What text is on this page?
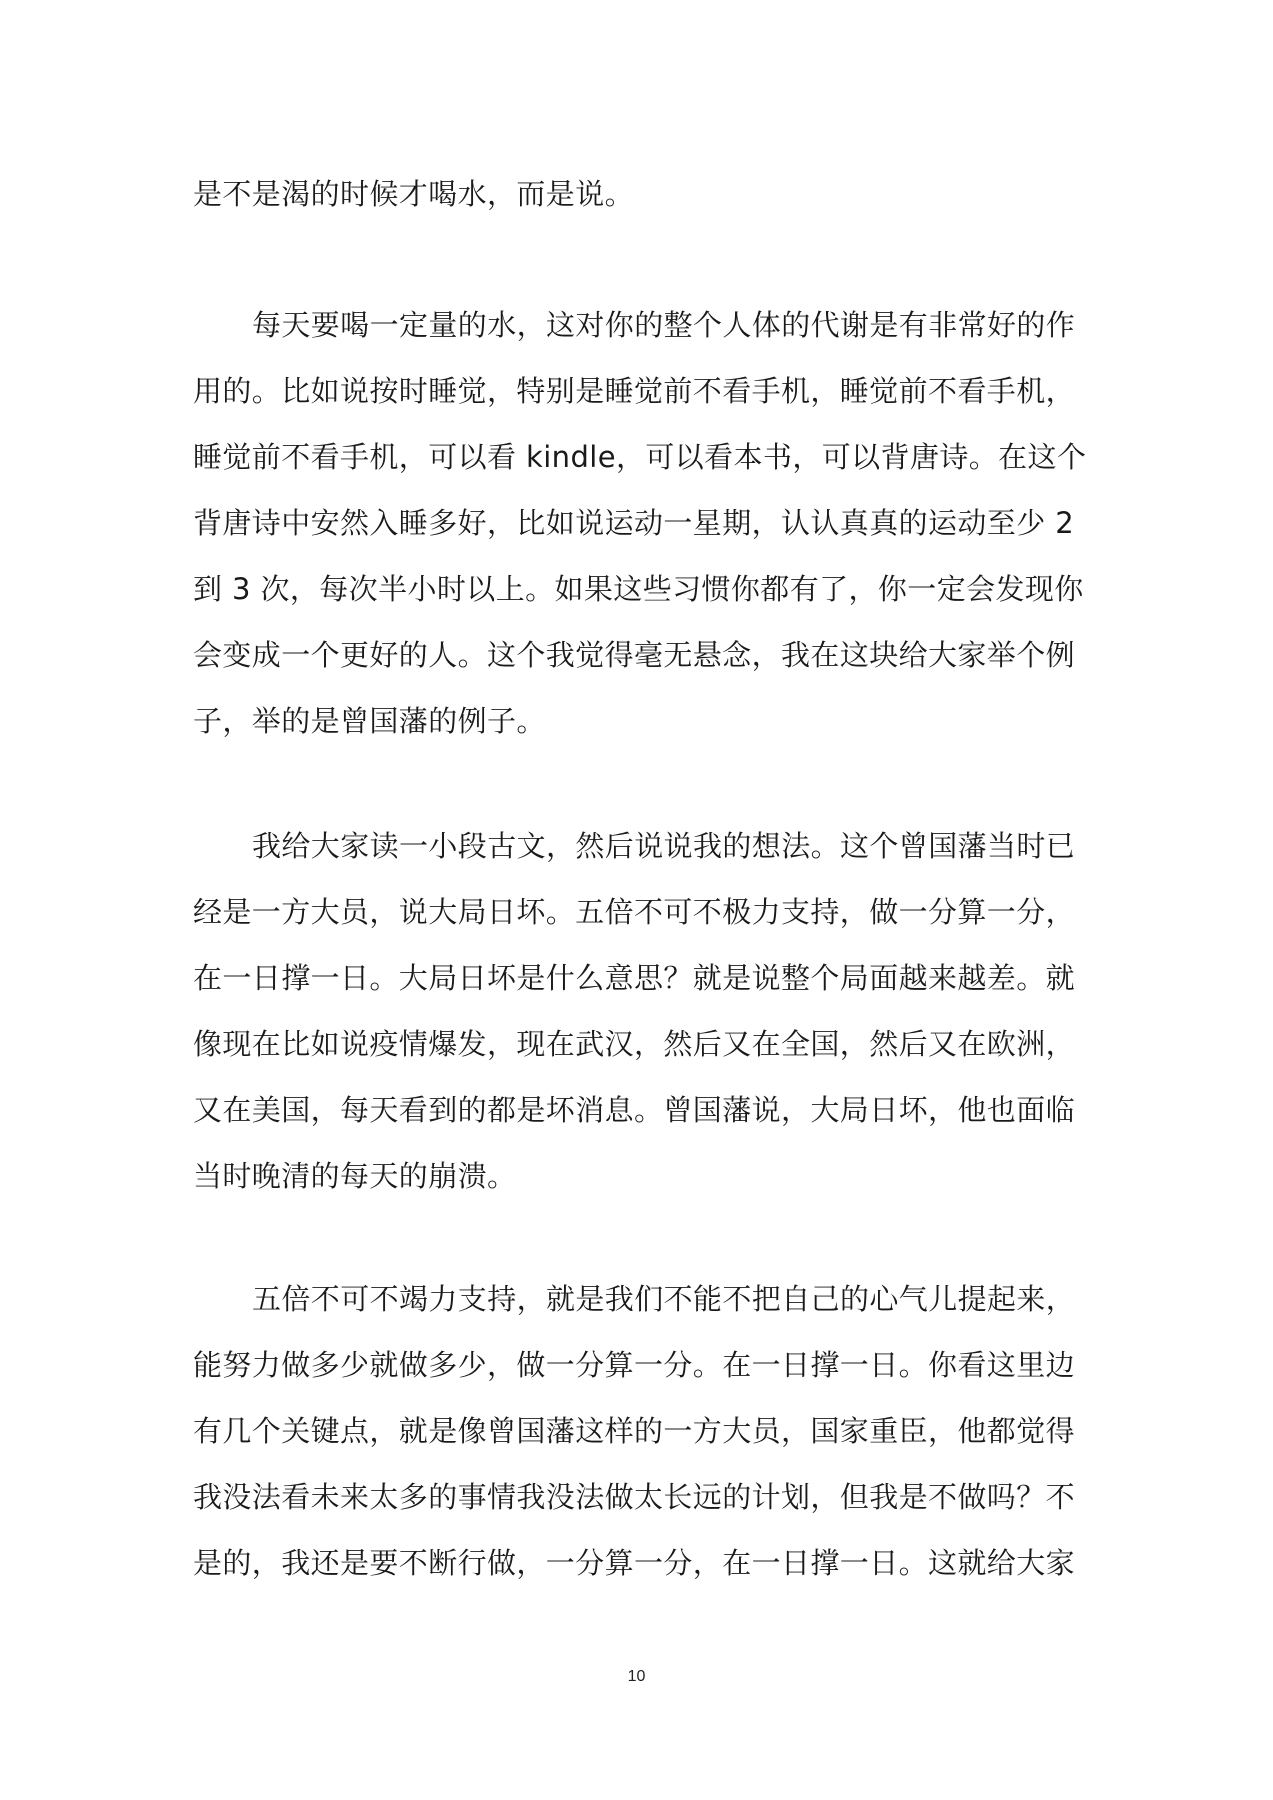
是不是渴的时候才喝水，而是说。
每天要喝一定量的水，这对你的整个人体的代谢是有非常好的作
用的。比如说按时睡觉，特别是睡觉前不看手机，睡觉前不看手机，
睡觉前不看手机，可以看 kindle，可以看本书，可以背唐诗。在这个
背唐诗中安然入睡多好，比如说运动一星期，认认真真的运动至少 2
到 3 次，每次半小时以上。如果这些习惯你都有了，你一定会发现你
会变成一个更好的人。这个我觉得毫无悬念，我在这块给大家举个例
子，举的是曾国藩的例子。
我给大家读一小段古文，然后说说我的想法。这个曾国藩当时已
经是一方大员，说大局日坏。五倍不可不极力支持，做一分算一分，
在一日撑一日。大局日坏是什么意思？就是说整个局面越来越差。就
像现在比如说疫情爆发，现在武汉，然后又在全国，然后又在欧洲，
又在美国，每天看到的都是坏消息。曾国藩说，大局日坏，他也面临
当时晚清的每天的崩溃。
五倍不可不竭力支持，就是我们不能不把自己的心气儿提起来，
能努力做多少就做多少，做一分算一分。在一日撑一日。你看这里边
有几个关键点，就是像曾国藩这样的一方大员，国家重臣，他都觉得
我没法看未来太多的事情我没法做太长远的计划，但我是不做吗？不
是的，我还是要不断行做，一分算一分，在一日撑一日。这就给大家
10
